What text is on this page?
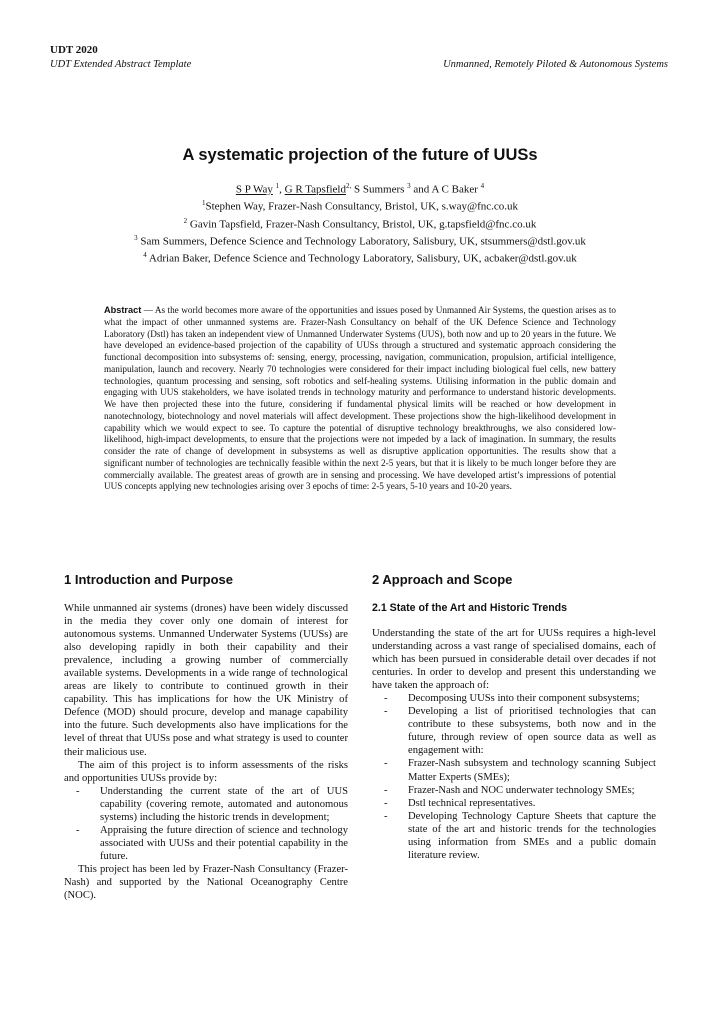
UDT 2020
UDT Extended Abstract Template	Unmanned, Remotely Piloted & Autonomous Systems
A systematic projection of the future of UUSs
S P Way $^1$, G R Tapsfield$^{2,}$ S Summers $^3$ and A C Baker $^4$
$^1$Stephen Way, Frazer-Nash Consultancy, Bristol, UK, s.way@fnc.co.uk
$^2$ Gavin Tapsfield, Frazer-Nash Consultancy, Bristol, UK, g.tapsfield@fnc.co.uk
$^3$ Sam Summers, Defence Science and Technology Laboratory, Salisbury, UK, stsummers@dstl.gov.uk
$^4$ Adrian Baker, Defence Science and Technology Laboratory, Salisbury, UK, acbaker@dstl.gov.uk
Abstract — As the world becomes more aware of the opportunities and issues posed by Unmanned Air Systems, the question arises as to what the impact of other unmanned systems are. Frazer-Nash Consultancy on behalf of the UK Defence Science and Technology Laboratory (Dstl) has taken an independent view of Unmanned Underwater Systems (UUS), both now and up to 20 years in the future. We have developed an evidence-based projection of the capability of UUSs through a structured and systematic approach considering the functional decomposition into subsystems of: sensing, energy, processing, navigation, communication, propulsion, artificial intelligence, manipulation, launch and recovery. Nearly 70 technologies were considered for their impact including biological fuel cells, new battery technologies, quantum processing and sensing, soft robotics and self-healing systems. Utilising information in the public domain and engaging with UUS stakeholders, we have isolated trends in technology maturity and performance to understand historic developments. We have then projected these into the future, considering if fundamental physical limits will be reached or how development in nanotechnology, biotechnology and novel materials will affect development. These projections show the high-likelihood development in capability which we would expect to see. To capture the potential of disruptive technology breakthroughs, we also considered low-likelihood, high-impact developments, to ensure that the projections were not impeded by a lack of imagination. In summary, the results consider the rate of change of development in subsystems as well as disruptive application opportunities. The results show that a significant number of technologies are technically feasible within the next 2-5 years, but that it is likely to be much longer before they are commercially available. The greatest areas of growth are in sensing and processing. We have developed artist’s impressions of potential UUS concepts applying new technologies arising over 3 epochs of time: 2-5 years, 5-10 years and 10-20 years.
1 Introduction and Purpose

While unmanned air systems (drones) have been widely discussed in the media they cover only one domain of interest for autonomous systems. Unmanned Underwater Systems (UUSs) are also developing rapidly in both their capability and their prevalence, including a growing number of commercially available systems. Developments in a wide range of technological areas are likely to contribute to continued growth in their capability. This has implications for how the UK Ministry of Defence (MOD) should procure, develop and manage capability into the future. Such developments also have implications for the level of threat that UUSs pose and what strategy is used to counter their malicious use.

The aim of this project is to inform assessments of the risks and opportunities UUSs provide by:

- Understanding the current state of the art of UUS capability (covering remote, automated and autonomous systems) including the historic trends in development;
- Appraising the future direction of science and technology associated with UUSs and their potential capability in the future.

This project has been led by Frazer-Nash Consultancy (Frazer-Nash) and supported by the National Oceanography Centre (NOC).

2 Approach and Scope
2.1 State of the Art and Historic Trends

Understanding the state of the art for UUSs requires a high-level understanding across a vast range of specialised domains, each of which has been pursued in considerable detail over decades if not centuries. In order to develop and present this understanding we have taken the approach of:

- Decomposing UUSs into their component subsystems;
- Developing a list of prioritised technologies that can contribute to these subsystems, both now and in the future, through review of open source data as well as engagement with:
- Frazer-Nash subsystem and technology scanning Subject Matter Experts (SMEs);
- Frazer-Nash and NOC underwater technology SMEs;
- Dstl technical representatives.
- Developing Technology Capture Sheets that capture the state of the art and historic trends for the technologies using information from SMEs and a public domain literature review.
